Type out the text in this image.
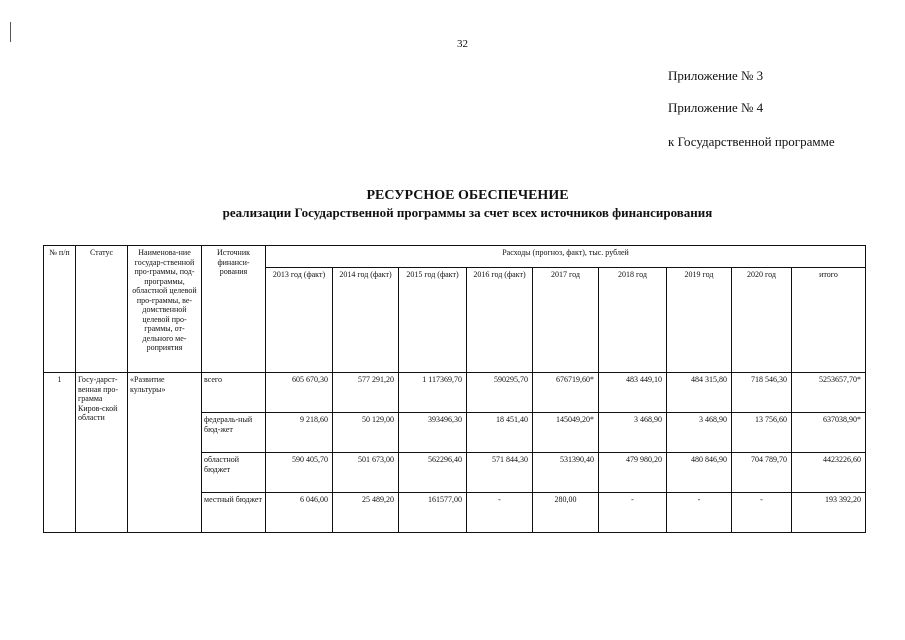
32
Приложение № 3
Приложение № 4
к Государственной программе
РЕСУРСНОЕ ОБЕСПЕЧЕНИЕ
реализации Государственной программы за счет всех источников финансирования
№ п/п	Статус	Наименова-ние государ-ственной про-граммы, под-программы, областной целевой про-граммы, ве-домственной целевой про-граммы, от-дельного ме-роприятия	Источник финанси-рования	Расходы (прогноз, факт), тыс. рублей								
				2013 год (факт)	2014 год (факт)	2015 год (факт)	2016 год (факт)	2017 год	2018 год	2019 год	2020 год	итого
1	Госу-дарст-венная про-грамма Киров-ской области	«Развитие культуры»	всего	605 670,30	577 291,20	1 117369,70	590295,70	676719,60*	483 449,10	484 315,80	718 546,30	5253657,70*
			федераль-ный бюд-жет	9 218,60	50 129,00	393496,30	18 451,40	145049,20*	3 468,90	3 468,90	13 756,60	637038,90*
			областной бюджет	590 405,70	501 673,00	562296,40	571 844,30	531390,40	479 980,20	480 846,90	704 789,70	4423226,60
			местный бюджет	6 046,00	25 489,20	161577,00	-	280,00	-	-	-	193 392,20
